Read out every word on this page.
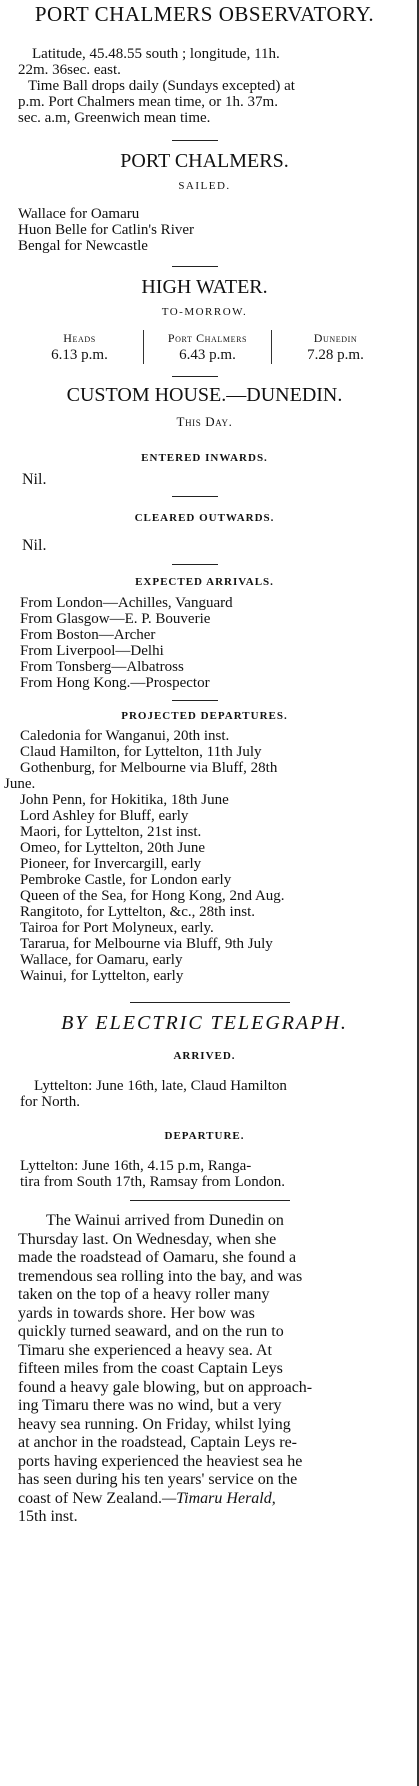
PORT CHALMERS OBSERVATORY.
Latitude, 45.48.55 south ; longitude, 11h.
22m. 36sec. east.
Time Ball drops daily (Sundays excepted) at
p.m. Port Chalmers mean time, or 1h. 37m.
sec. a.m, Greenwich mean time.
PORT CHALMERS.
SAILED.
Wallace for Oamaru
Huon Belle for Catlin's River
Bengal for Newcastle
HIGH WATER.
TO-MORROW.
Heads
6.13 p.m.
Port Chalmers
6.43 p.m.
Dunedin
7.28 p.m.
CUSTOM HOUSE.—DUNEDIN.
This Day.
ENTERED INWARDS.
Nil.
CLEARED OUTWARDS.
Nil.
EXPECTED ARRIVALS.
From London—Achilles, Vanguard
From Glasgow—E. P. Bouverie
From Boston—Archer
From Liverpool—Delhi
From Tonsberg—Albatross
From Hong Kong.—Prospector
PROJECTED DEPARTURES.
Caledonia for Wanganui, 20th inst.
Claud Hamilton, for Lyttelton, 11th July
Gothenburg, for Melbourne via Bluff, 28th
June.
John Penn, for Hokitika, 18th June
Lord Ashley for Bluff, early
Maori, for Lyttelton, 21st inst.
Omeo, for Lyttelton, 20th June
Pioneer, for Invercargill, early
Pembroke Castle, for London early
Queen of the Sea, for Hong Kong, 2nd Aug.
Rangitoto, for Lyttelton, &c., 28th inst.
Tairoa for Port Molyneux, early.
Tararua, for Melbourne via Bluff, 9th July
Wallace, for Oamaru, early
Wainui, for Lyttelton, early
BY ELECTRIC TELEGRAPH.
ARRIVED.
Lyttelton: June 16th, late, Claud Hamilton
for North.
DEPARTURE.
Lyttelton: June 16th, 4.15 p.m, Ranga-
tira from South 17th, Ramsay from London.
The Wainui arrived from Dunedin on
Thursday last. On Wednesday, when she
made the roadstead of Oamaru, she found a
tremendous sea rolling into the bay, and was
taken on the top of a heavy roller many
yards in towards shore. Her bow was
quickly turned seaward, and on the run to
Timaru she experienced a heavy sea. At
fifteen miles from the coast Captain Leys
found a heavy gale blowing, but on approach-
ing Timaru there was no wind, but a very
heavy sea running. On Friday, whilst lying
at anchor in the roadstead, Captain Leys re-
ports having experienced the heaviest sea he
has seen during his ten years' service on the
coast of New Zealand.—Timaru Herald,
15th inst.
